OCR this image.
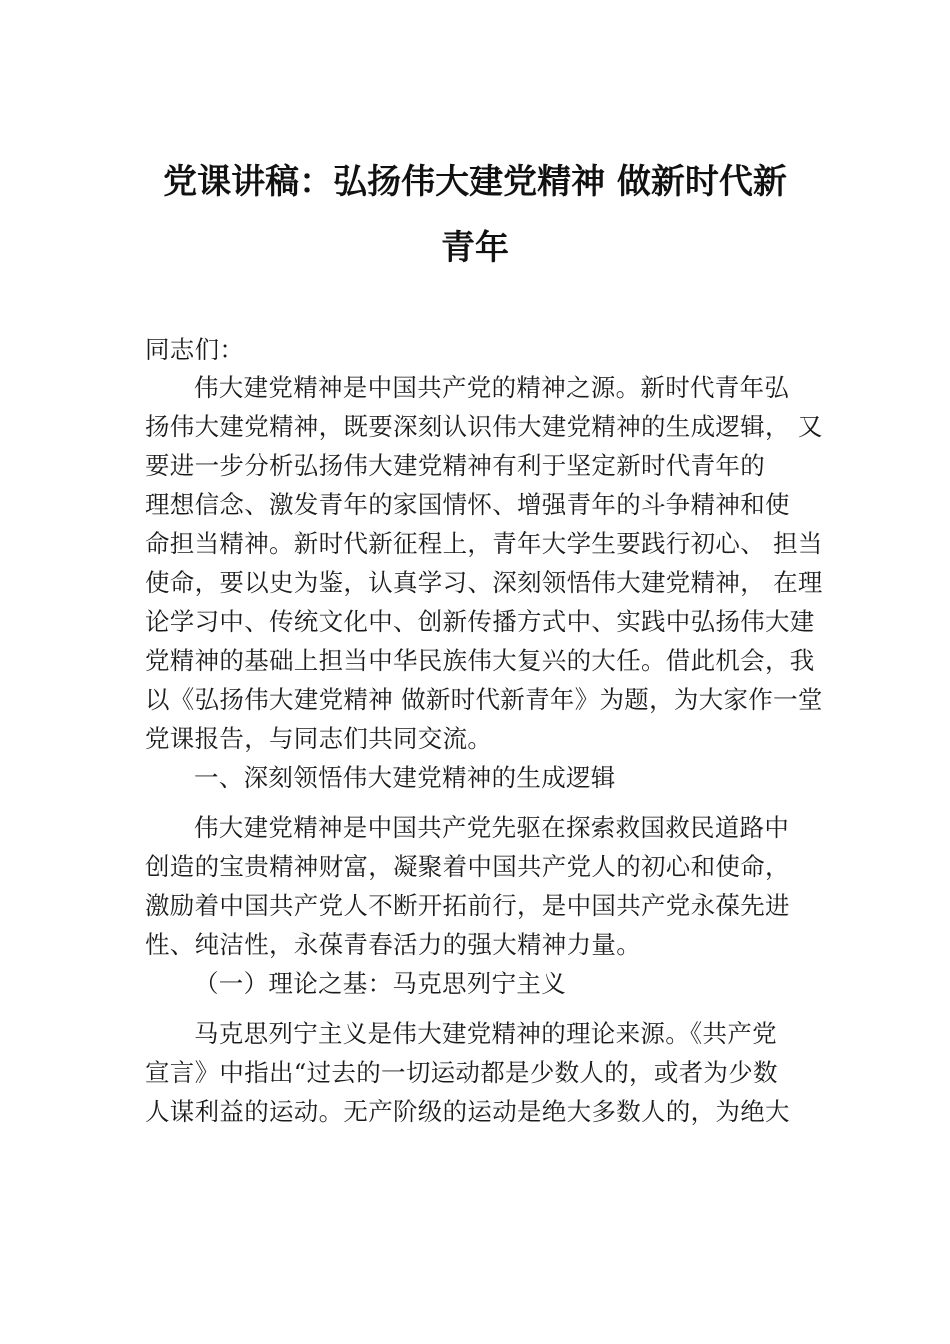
党课讲稿：弘扬伟大建党精神 做新时代新
青年
同志们：
伟大建党精神是中国共产党的精神之源。新时代青年弘
扬伟大建党精神，既要深刻认识伟大建党精神的生成逻辑， 又
要进一步分析弘扬伟大建党精神有利于坚定新时代青年的
理想信念、激发青年的家国情怀、增强青年的斗争精神和使
命担当精神。新时代新征程上，青年大学生要践行初心、 担当
使命，要以史为鉴，认真学习、深刻领悟伟大建党精神， 在理
论学习中、传统文化中、创新传播方式中、实践中弘扬伟大建
党精神的基础上担当中华民族伟大复兴的大任。借此机会，我
以《弘扬伟大建党精神 做新时代新青年》为题，为大家作一堂
党课报告，与同志们共同交流。
一、深刻领悟伟大建党精神的生成逻辑
伟大建党精神是中国共产党先驱在探索救国救民道路中
创造的宝贵精神财富，凝聚着中国共产党人的初心和使命，
激励着中国共产党人不断开拓前行，是中国共产党永葆先进
性、纯洁性，永葆青春活力的强大精神力量。
（一）理论之基：马克思列宁主义
马克思列宁主义是伟大建党精神的理论来源。《共产党
宣言》中指出“过去的一切运动都是少数人的，或者为少数
人谋利益的运动。无产阶级的运动是绝大多数人的，为绝大
